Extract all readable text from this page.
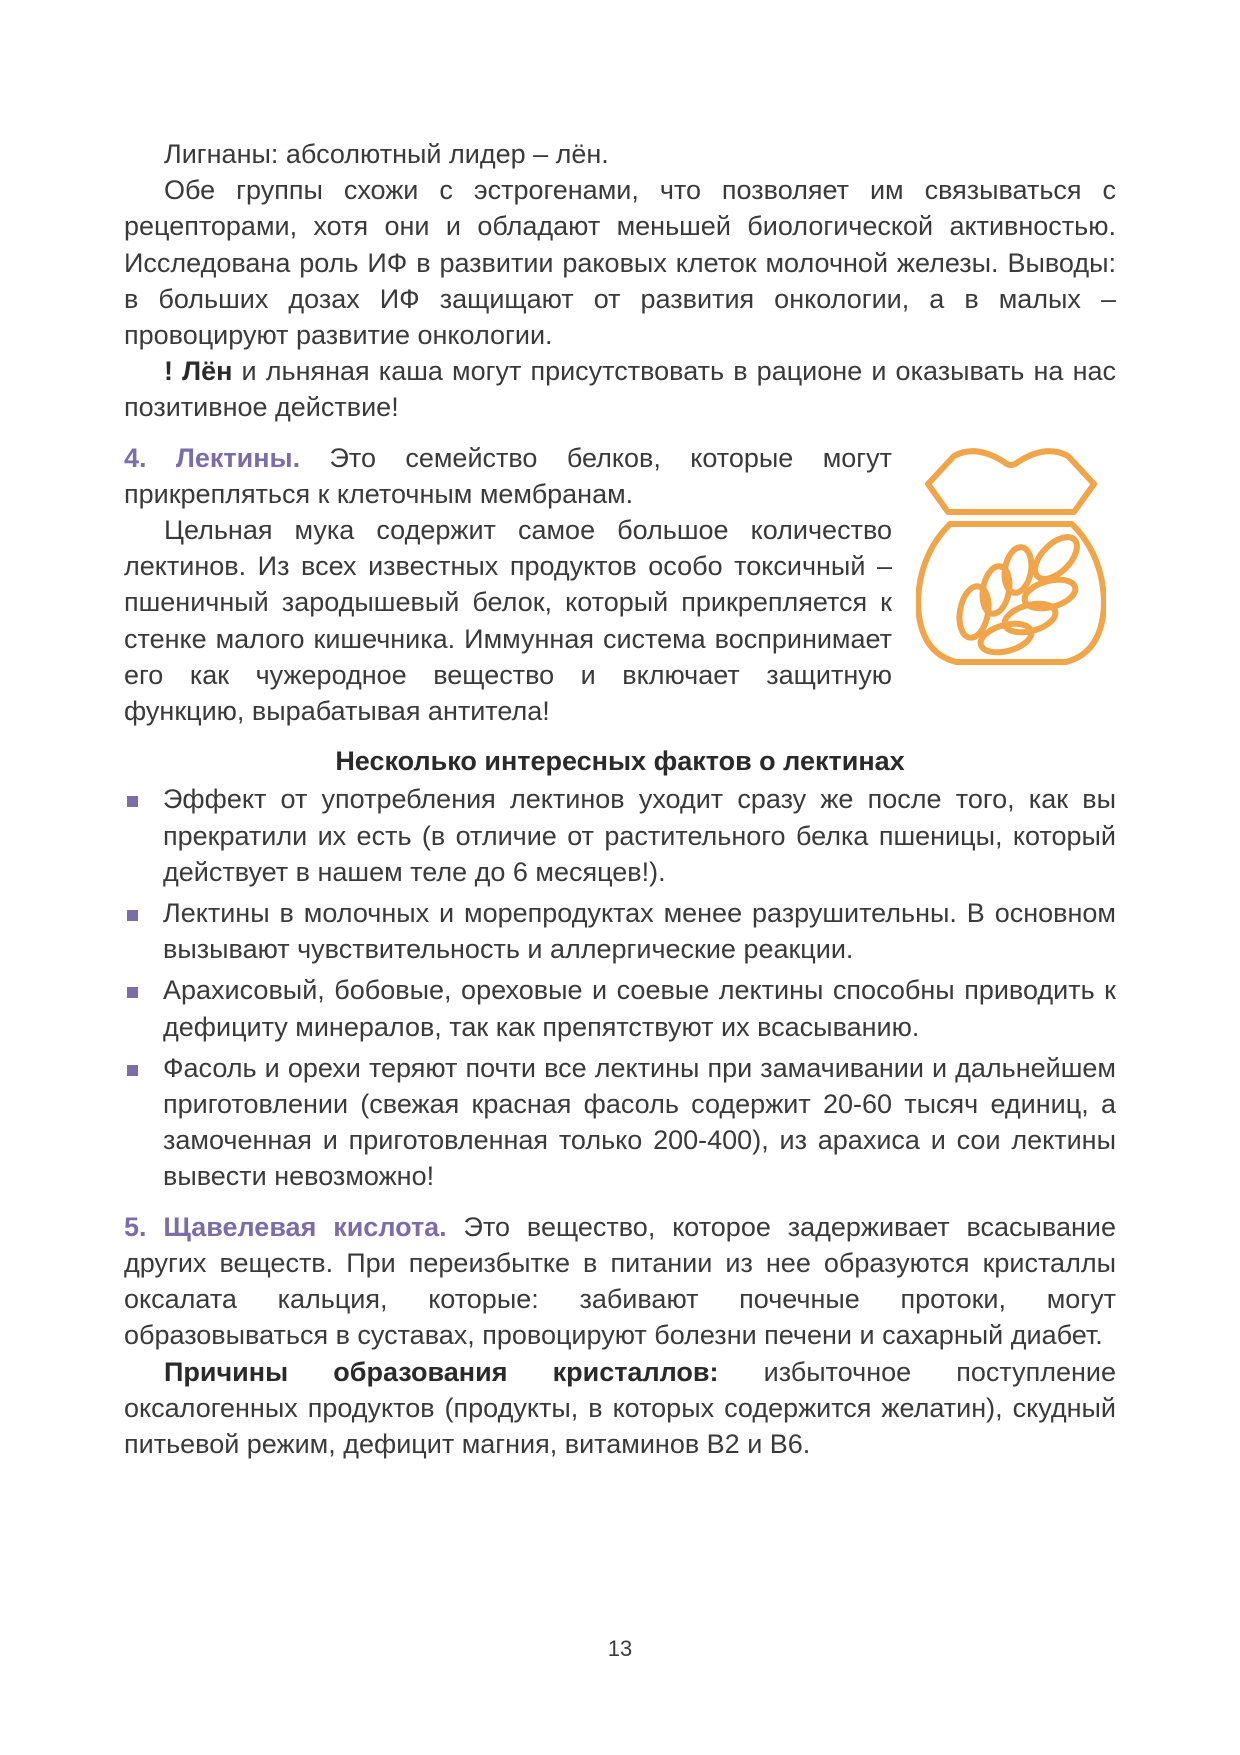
Лигнаны: абсолютный лидер – лён.

Обе группы схожи с эстрогенами, что позволяет им связываться с рецепторами, хотя они и обладают меньшей биологической активностью. Исследована роль ИФ в развитии раковых клеток молочной железы. Выводы: в больших дозах ИФ защищают от развития онкологии, а в малых – провоцируют развитие онкологии.

! Лён и льняная каша могут присутствовать в рационе и оказывать на нас позитивное действие!

4. Лектины. Это семейство белков, которые могут прикрепляться к клеточным мембранам.

Цельная мука содержит самое большое количество лектинов. Из всех известных продуктов особо токсичный – пшеничный зародышевый белок, который прикрепляется к стенке малого кишечника. Иммунная система воспринимает его как чужеродное вещество и включает защитную функцию, вырабатывая антитела!

Несколько интересных фактов о лектинах
Эффект от употребления лектинов уходит сразу же после того, как вы прекратили их есть (в отличие от растительного белка пшеницы, который действует в нашем теле до 6 месяцев!).
Лектины в молочных и морепродуктах менее разрушительны. В основном вызывают чувствительность и аллергические реакции.
Арахисовый, бобовые, ореховые и соевые лектины способны приводить к дефициту минералов, так как препятствуют их всасыванию.
Фасоль и орехи теряют почти все лектины при замачивании и дальнейшем приготовлении (свежая красная фасоль содержит 20-60 тысяч единиц, а замоченная и приготовленная только 200-400), из арахиса и сои лектины вывести невозможно!

5. Щавелевая кислота. Это вещество, которое задерживает всасывание других веществ. При переизбытке в питании из нее образуются кристаллы оксалата кальция, которые: забивают почечные протоки, могут образовываться в суставах, провоцируют болезни печени и сахарный диабет.

Причины образования кристаллов: избыточное поступление оксалогенных продуктов (продукты, в которых содержится желатин), скудный питьевой режим, дефицит магния, витаминов В2 и В6.

13
